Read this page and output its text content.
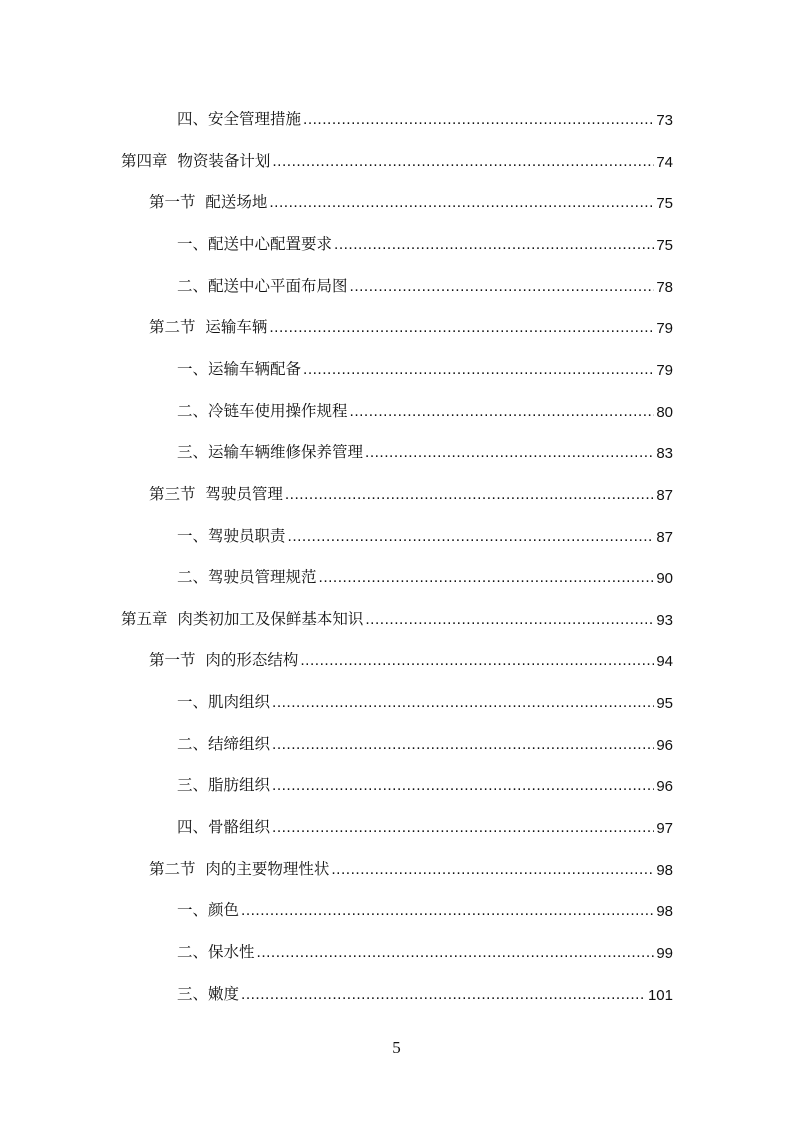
四、安全管理措施 .....	73
第四章  物资装备计划 .....	74
第一节  配送场地 .....	75
一、配送中心配置要求 .....	75
二、配送中心平面布局图 .....	78
第二节  运输车辆 .....	79
一、运输车辆配备 .....	79
二、冷链车使用操作规程 .....	80
三、运输车辆维修保养管理 .....	83
第三节  驾驶员管理 .....	87
一、驾驶员职责 .....	87
二、驾驶员管理规范 .....	90
第五章  肉类初加工及保鲜基本知识 .....	93
第一节  肉的形态结构 .....	94
一、肌肉组织 .....	95
二、结缔组织 .....	96
三、脂肪组织 .....	96
四、骨骼组织 .....	97
第二节  肉的主要物理性状 .....	98
一、颜色 .....	98
二、保水性 .....	99
三、嫩度 .....	101
5
